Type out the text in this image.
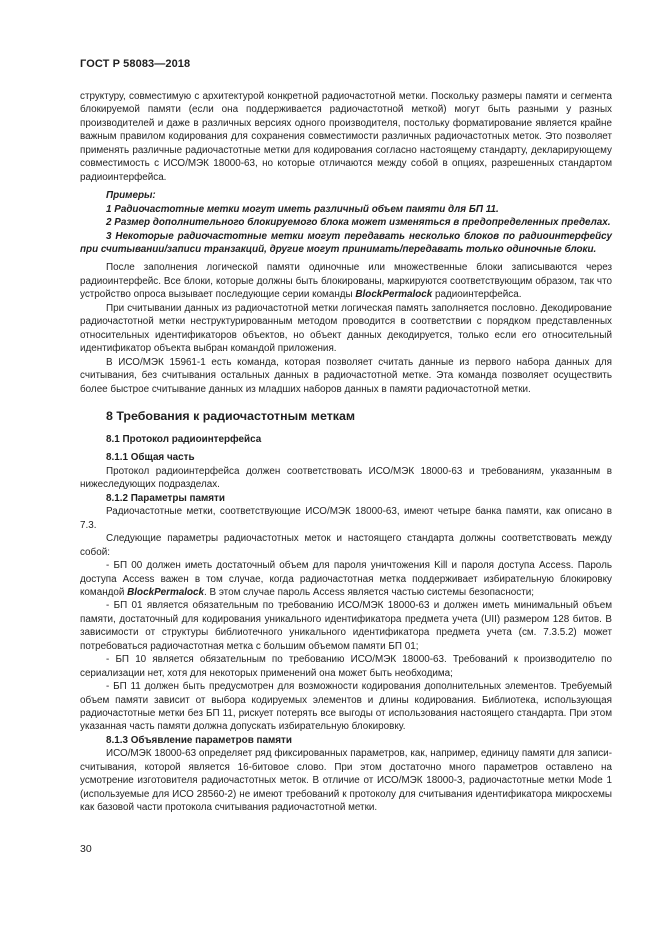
ГОСТ Р 58083—2018

структуру, совместимую с архитектурой конкретной радиочастотной метки. Поскольку размеры памяти и сегмента блокируемой памяти (если она поддерживается радиочастотной меткой) могут быть разными у разных производителей и даже в различных версиях одного производителя, постольку форматирование является крайне важным правилом кодирования для сохранения совместимости различных радиочастотных меток. Это позволяет применять различные радиочастотные метки для кодирования согласно настоящему стандарту, декларирующему совместимость с ИСО/МЭК 18000-63, но которые отличаются между собой в опциях, разрешенных стандартом радиоинтерфейса.

Примеры:

1 Радиочастотные метки могут иметь различный объем памяти для БП 11.

2 Размер дополнительного блокируемого блока может изменяться в предопределенных пределах.

3 Некоторые радиочастотные метки могут передавать несколько блоков по радиоинтерфейсу при считывании/записи транзакций, другие могут принимать/передавать только одиночные блоки.

После заполнения логической памяти одиночные или множественные блоки записываются через радиоинтерфейс. Все блоки, которые должны быть блокированы, маркируются соответствующим образом, так что устройство опроса вызывает последующие серии команды BlockPermalock радиоинтерфейса.

При считывании данных из радиочастотной метки логическая память заполняется пословно. Декодирование радиочастотной метки неструктурированным методом проводится в соответствии с порядком представленных относительных идентификаторов объектов, но объект данных декодируется, только если его относительный идентификатор объекта выбран командой приложения.

В ИСО/МЭК 15961-1 есть команда, которая позволяет считать данные из первого набора данных для считывания, без считывания остальных данных в радиочастотной метке. Эта команда позволяет осуществить более быстрое считывание данных из младших наборов данных в памяти радиочастотной метки.

8 Требования к радиочастотным меткам

8.1 Протокол радиоинтерфейса

8.1.1 Общая часть

Протокол радиоинтерфейса должен соответствовать ИСО/МЭК 18000-63 и требованиям, указанным в нижеследующих подразделах.

8.1.2 Параметры памяти

Радиочастотные метки, соответствующие ИСО/МЭК 18000-63, имеют четыре банка памяти, как описано в 7.3.

Следующие параметры радиочастотных меток и настоящего стандарта должны соответствовать между собой:

- БП 00 должен иметь достаточный объем для пароля уничтожения Kill и пароля доступа Access. Пароль доступа Access важен в том случае, когда радиочастотная метка поддерживает избирательную блокировку командой BlockPermalock. В этом случае пароль Access является частью системы безопасности;

- БП 01 является обязательным по требованию ИСО/МЭК 18000-63 и должен иметь минимальный объем памяти, достаточный для кодирования уникального идентификатора предмета учета (UII) размером 128 битов. В зависимости от структуры библиотечного уникального идентификатора предмета учета (см. 7.3.5.2) может потребоваться радиочастотная метка с большим объемом памяти БП 01;

- БП 10 является обязательным по требованию ИСО/МЭК 18000-63. Требований к производителю по сериализации нет, хотя для некоторых применений она может быть необходима;

- БП 11 должен быть предусмотрен для возможности кодирования дополнительных элементов. Требуемый объем памяти зависит от выбора кодируемых элементов и длины кодирования. Библиотека, использующая радиочастотные метки без БП 11, рискует потерять все выгоды от использования настоящего стандарта. При этом указанная часть памяти должна допускать избирательную блокировку.

8.1.3 Объявление параметров памяти

ИСО/МЭК 18000-63 определяет ряд фиксированных параметров, как, например, единицу памяти для записи-считывания, которой является 16-битовое слово. При этом достаточно много параметров оставлено на усмотрение изготовителя радиочастотных меток. В отличие от ИСО/МЭК 18000-3, радиочастотные метки Mode 1 (используемые для ИСО 28560-2) не имеют требований к протоколу для считывания идентификатора микросхемы как базовой части протокола считывания радиочастотной метки.

30
